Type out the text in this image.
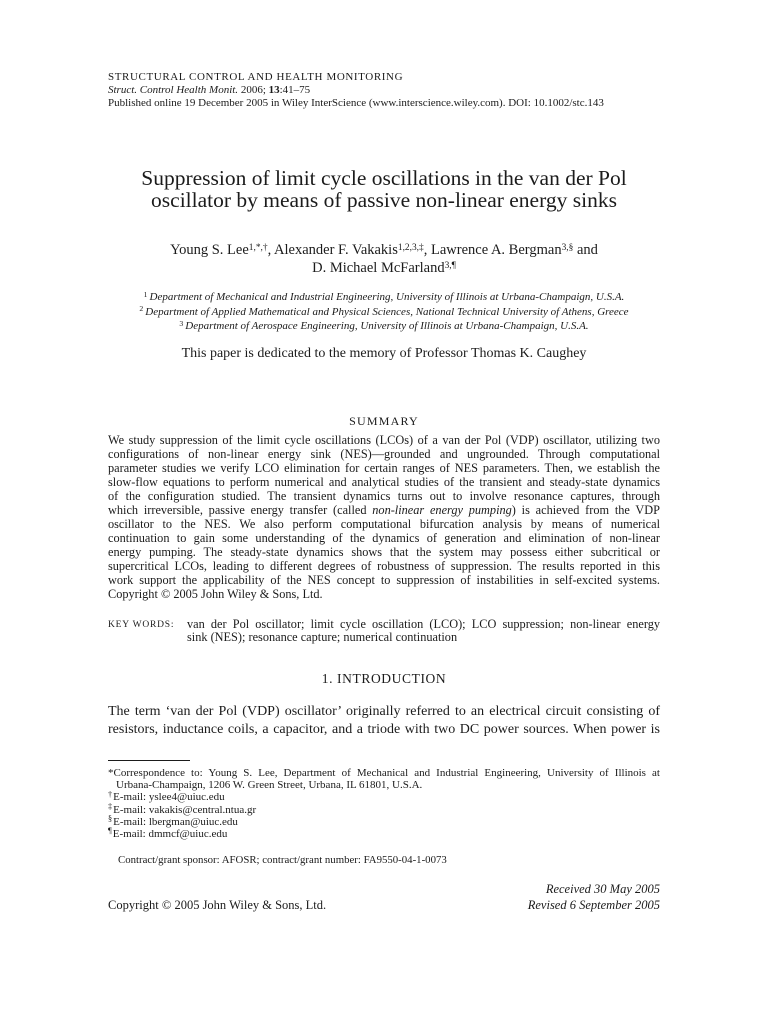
STRUCTURAL CONTROL AND HEALTH MONITORING
Struct. Control Health Monit. 2006; 13:41–75
Published online 19 December 2005 in Wiley InterScience (www.interscience.wiley.com). DOI: 10.1002/stc.143
Suppression of limit cycle oscillations in the van der Pol
oscillator by means of passive non-linear energy sinks
Young S. Lee$^{1,*,\dagger}$, Alexander F. Vakakis$^{1,2,3,\ddagger}$, Lawrence A. Bergman$^{3,\S}$ and
D. Michael McFarland$^{3,\P}$
$^1$ Department of Mechanical and Industrial Engineering, University of Illinois at Urbana-Champaign, U.S.A.
$^2$ Department of Applied Mathematical and Physical Sciences, National Technical University of Athens, Greece
$^3$ Department of Aerospace Engineering, University of Illinois at Urbana-Champaign, U.S.A.
This paper is dedicated to the memory of Professor Thomas K. Caughey
SUMMARY
We study suppression of the limit cycle oscillations (LCOs) of a van der Pol (VDP) oscillator, utilizing two
configurations of non-linear energy sink (NES)—grounded and ungrounded. Through computational
parameter studies we verify LCO elimination for certain ranges of NES parameters. Then, we establish the
slow-flow equations to perform numerical and analytical studies of the transient and steady-state dynamics
of the configuration studied. The transient dynamics turns out to involve resonance captures, through
which irreversible, passive energy transfer (called non-linear energy pumping) is achieved from the VDP
oscillator to the NES. We also perform computational bifurcation analysis by means of numerical
continuation to gain some understanding of the dynamics of generation and elimination of non-linear
energy pumping. The steady-state dynamics shows that the system may possess either subcritical or
supercritical LCOs, leading to different degrees of robustness of suppression. The results reported in this
work support the applicability of the NES concept to suppression of instabilities in self-excited systems.
Copyright © 2005 John Wiley & Sons, Ltd.
KEY WORDS: van der Pol oscillator; limit cycle oscillation (LCO); LCO suppression; non-linear energy
sink (NES); resonance capture; numerical continuation
1. INTRODUCTION
The term ‘van der Pol (VDP) oscillator’ originally referred to an electrical circuit consisting of
resistors, inductance coils, a capacitor, and a triode with two DC power sources. When power is
*Correspondence to: Young S. Lee, Department of Mechanical and Industrial Engineering, University of Illinois at
Urbana-Champaign, 1206 W. Green Street, Urbana, IL 61801, U.S.A.
†E-mail: yslee4@uiuc.edu
‡E-mail: vakakis@central.ntua.gr
§E-mail: lbergman@uiuc.edu
¶E-mail: dmmcf@uiuc.edu
Contract/grant sponsor: AFOSR; contract/grant number: FA9550-04-1-0073
Copyright © 2005 John Wiley & Sons, Ltd.
Received 30 May 2005
Revised 6 September 2005
